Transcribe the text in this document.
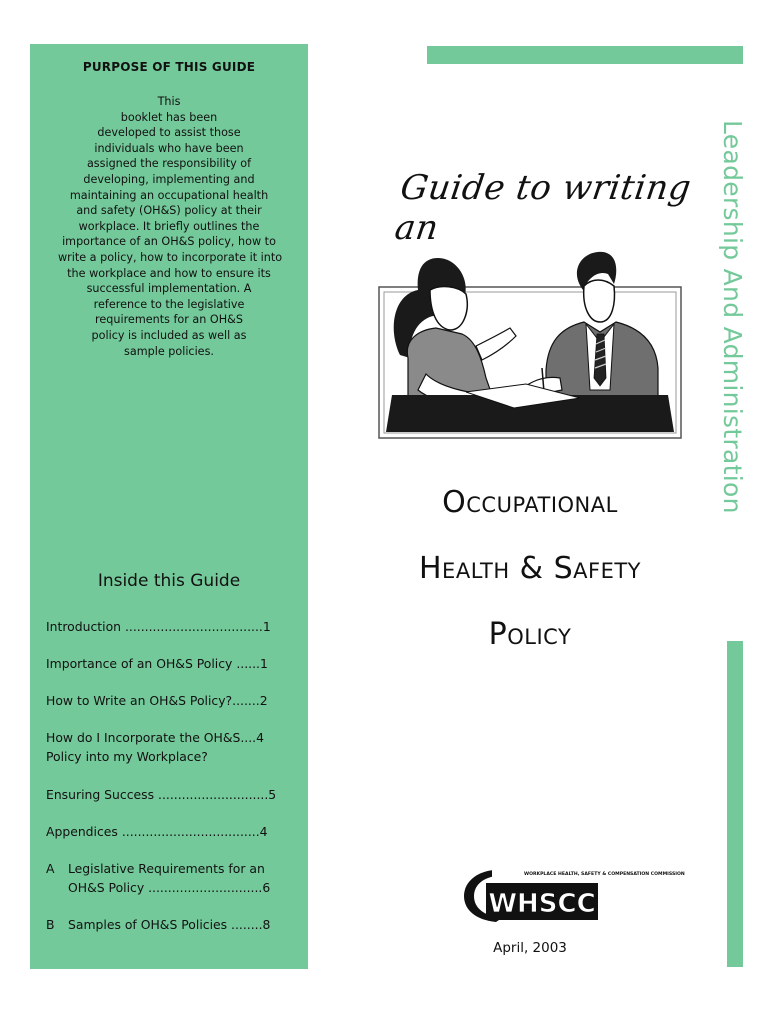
PURPOSE OF THIS GUIDE
This
booklet has been
developed to assist those
individuals who have been
assigned the responsibility of
developing, implementing and
maintaining an occupational health
and safety (OH&S) policy at their
workplace. It briefly outlines the
importance of an OH&S policy, how to
write a policy, how to incorporate it into
the workplace and how to ensure its
successful implementation. A
reference to the legislative
requirements for an OH&S
policy is included as well as
sample policies.
Inside this Guide
Introduction ...................................1
Importance of an OH&S Policy ......1
How to Write an OH&S Policy?.......2
How do I Incorporate the OH&S....4
Policy into my Workplace?
Ensuring Success ............................5
Appendices ...................................4
A Legislative Requirements for an
OH&S Policy .............................6
B Samples of OH&S Policies ........8
Leadership And Administration
Guide to writing an
Occupational
Health & Safety
Policy
WORKPLACE HEALTH, SAFETY & COMPENSATION COMMISSION
WHSCC
April, 2003
